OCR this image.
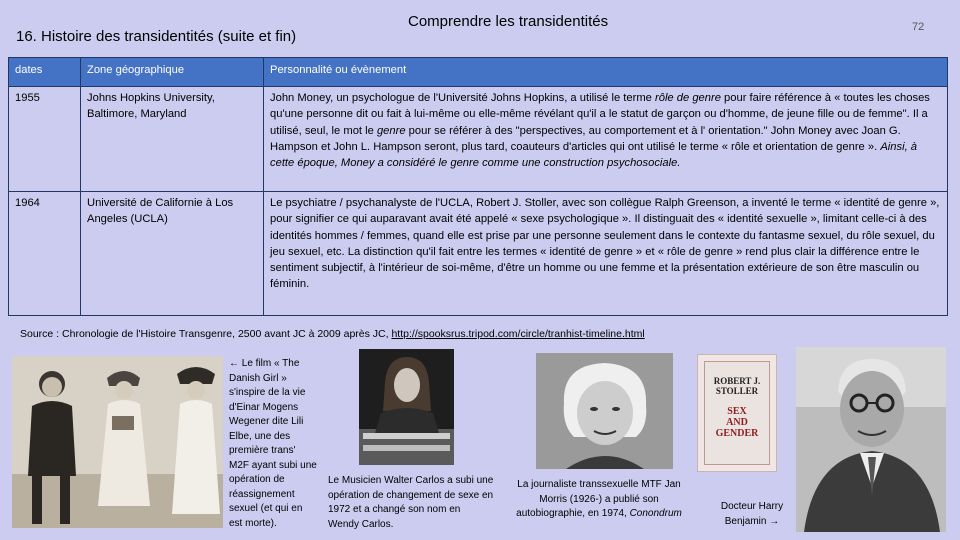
16. Histoire des transidentités (suite et fin)
Comprendre les transidentités	72
dates	Zone géographique	Personnalité ou évènement
1955	Johns Hopkins University, Baltimore, Maryland	John Money, un psychologue de l'Université Johns Hopkins, a utilisé le terme rôle de genre pour faire référence à « toutes les choses qu'une personne dit ou fait à lui-même ou elle-même révélant qu'il a le statut de garçon ou d'homme, de jeune fille ou de femme". Il a utilisé, seul, le mot le genre pour se référer à des "perspectives, au comportement et à l' orientation." John Money avec Joan G. Hampson et John L. Hampson seront, plus tard, coauteurs d'articles qui ont utilisé le terme « rôle et orientation de genre ». Ainsi, à cette époque, Money a considéré le genre comme une construction psychosociale.
1964	Université de Californie à Los Angeles (UCLA)	Le psychiatre / psychanalyste de l'UCLA, Robert J. Stoller, avec son collègue Ralph Greenson, a inventé le terme « identité de genre », pour signifier ce qui auparavant avait été appelé « sexe psychologique ». Il distinguait des « identité sexuelle », limitant celle-ci à des identités hommes / femmes, quand elle est prise par une personne seulement dans le contexte du fantasme sexuel, du rôle sexuel, du jeu sexuel, etc. La distinction qu'il fait entre les termes « identité de genre » et « rôle de genre » rend plus clair la différence entre le sentiment subjectif, à l'intérieur de soi-même, d'être un homme ou une femme et la présentation extérieure de son être masculin ou féminin.
Source : Chronologie de l'Histoire Transgenre, 2500 avant JC à 2009 après JC, http://spooksrus.tripod.com/circle/tranhist-timeline.html
← Le film « The Danish Girl » s'inspire de la vie d'Einar Mogens Wegener dite Lili Elbe, une des première trans' M2F ayant subi une opération de réassignement sexuel (et qui en est morte).
Le Musicien Walter Carlos a subi une opération de changement de sexe en 1972 et a changé son nom en Wendy Carlos.
La journaliste transsexuelle MTF Jan Morris (1926-) a publié son autobiographie, en 1974, Conondrum
ROBERT J.
STOLLER
SEX
AND
GENDER
Docteur Harry Benjamin →
